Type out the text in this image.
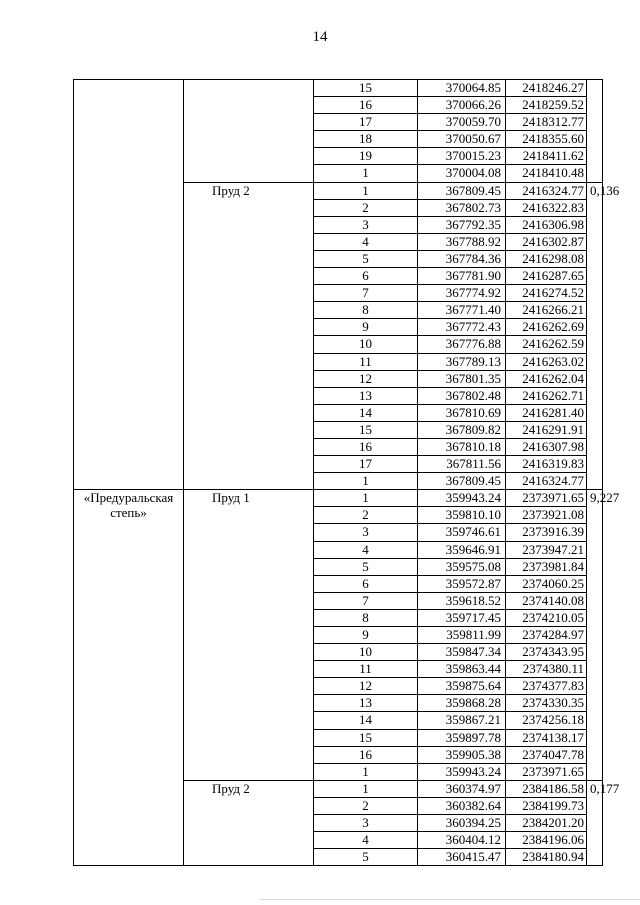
14
		15	370064.85	2418246.27	
		16	370066.26	2418259.52	
		17	370059.70	2418312.77	
		18	370050.67	2418355.60	
		19	370015.23	2418411.62	
		1	370004.08	2418410.48	
	Пруд 2	1	367809.45	2416324.77	0,136
		2	367802.73	2416322.83	
		3	367792.35	2416306.98	
		4	367788.92	2416302.87	
		5	367784.36	2416298.08	
		6	367781.90	2416287.65	
		7	367774.92	2416274.52	
		8	367771.40	2416266.21	
		9	367772.43	2416262.69	
		10	367776.88	2416262.59	
		11	367789.13	2416263.02	
		12	367801.35	2416262.04	
		13	367802.48	2416262.71	
		14	367810.69	2416281.40	
		15	367809.82	2416291.91	
		16	367810.18	2416307.98	
		17	367811.56	2416319.83	
		1	367809.45	2416324.77	
«Предуральская степь»	Пруд 1	1	359943.24	2373971.65	9,227
		2	359810.10	2373921.08	
		3	359746.61	2373916.39	
		4	359646.91	2373947.21	
		5	359575.08	2373981.84	
		6	359572.87	2374060.25	
		7	359618.52	2374140.08	
		8	359717.45	2374210.05	
		9	359811.99	2374284.97	
		10	359847.34	2374343.95	
		11	359863.44	2374380.11	
		12	359875.64	2374377.83	
		13	359868.28	2374330.35	
		14	359867.21	2374256.18	
		15	359897.78	2374138.17	
		16	359905.38	2374047.78	
		1	359943.24	2373971.65	
	Пруд 2	1	360374.97	2384186.58	0,177
		2	360382.64	2384199.73	
		3	360394.25	2384201.20	
		4	360404.12	2384196.06	
		5	360415.47	2384180.94	
